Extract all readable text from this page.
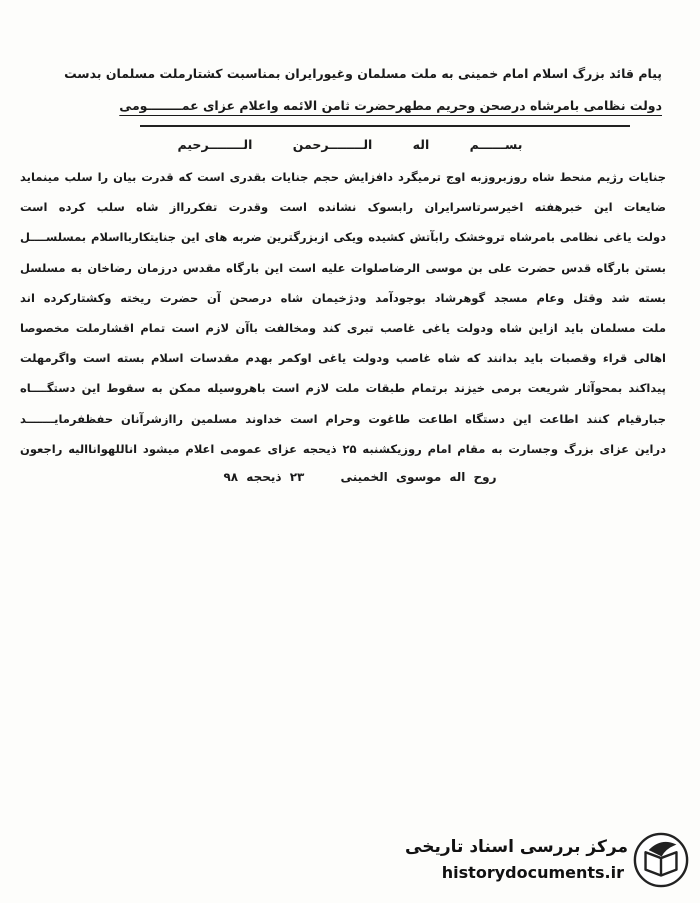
پیام قائد بزرگ اسلام امام خمینی به ملت مسلمان وغیورایران بمناسبت کشتارملت مسلمان بدست
دولت نظامی بامرشاه درصحن وحریم مطهرحضرت ثامن الائمه واعلام عزای عمــــــــومی
بســــــم اله الــــــــرحمن الــــــــرحیم
جنایات رژیم منحط شاه روزبروزبه اوج ترمیگرد دافزایش حجم جنایات بقدری است که قدرت بیان را سلب مینماید
ضایعات این خبرهفته اخیرسرتاسرایران رابسوک نشانده است وقدرت تفکررااز شاه سلب کرده است
دولت یاغی نظامی بامرشاه تروخشک رابآتش کشیده ویکی ازبزرگترین ضربه های این جنایتکاربااسلام بمسلســــل
بستن بارگاه قدس حضرت علی بن موسی الرضاصلوات علیه است این بارگاه مقدس درزمان رضاخان به مسلسل
بسته شد وقتل وعام مسجد گوهرشاد بوجودآمد ودژخیمان شاه درصحن آن حضرت ریخته وکشتارکرده اند
ملت مسلمان باید ازاین شاه ودولت یاغی غاصب تبری کند ومخالفت باآن لازم است تمام اقشارملت مخصوصا
اهالی قراء وقصبات باید بدانند که شاه غاصب ودولت یاغی اوکمر بهدم مقدسات اسلام بسته است واگرمهلت
پیداکند بمحوآثار شریعت برمی خیزند برتمام طبقات ملت لازم است باهروسیله ممکن به سقوط این دستگــــاه
جبارقیام کنند اطاعت این دستگاه اطاعت طاغوت وحرام است خداوند مسلمین راازشرآنان حفظفرمایـــــــد
دراین عزای بزرگ وجسارت به مقام امام روزیکشنبه ۲۵ ذیحجه عزای عمومی اعلام میشود اناللهواناالیه راجعون
روح اله موسوی الخمینی ۲۳ ذیحجه ۹۸
مرکز بررسی اسناد تاریخی
historydocuments.ir
